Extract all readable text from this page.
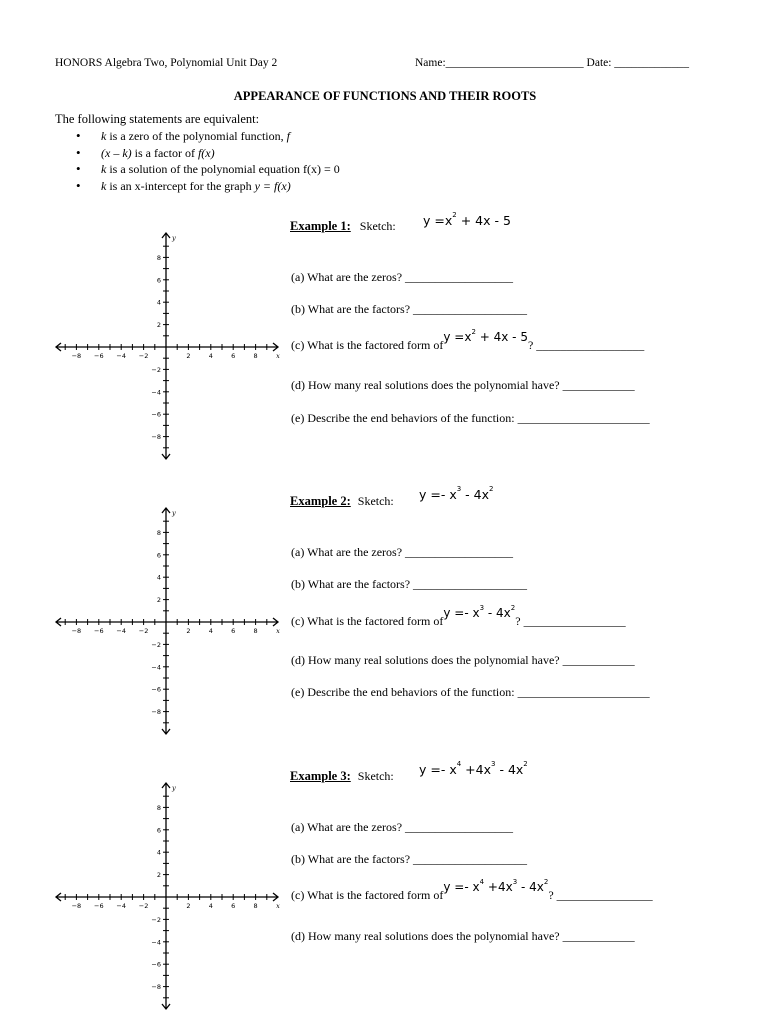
HONORS Algebra Two, Polynomial Unit Day 2	Name:________________________ Date: _____________
APPEARANCE OF FUNCTIONS AND THEIR ROOTS
The following statements are equivalent:
• k is a zero of the polynomial function, f
• (x – k) is a factor of f(x)
• k is a solution of the polynomial equation f(x) = 0
• k is an x-intercept for the graph y = f(x)
−8 −6 −4 −2	2	4	6	8
8
6
4
2
−2
−4
−6
−8
x
y
Example 1: Sketch: $y =x^2 + 4x - 5$
(a) What are the zeros? __________________
(b) What are the factors? ___________________
(c) What is the factored form ofy $=x^2 + 4x - 5$? __________________
(d) How many real solutions does the polynomial have? ____________
(e) Describe the end behaviors of the function: ______________________
−8 −6 −4 −2	2	4	6	8
8
6
4
2
−2
−4
−6
−8
x
y
Example 2: Sketch: $y =- x^3 - 4x^2$
(a) What are the zeros? __________________
(b) What are the factors? ___________________
(c) What is the factored form ofy =- $x^3 - 4x^2$? _________________
(d) How many real solutions does the polynomial have? ____________
(e) Describe the end behaviors of the function: ______________________
−8 −6 −4 −2	2	4	6	8
8
6
4
2
−2
−4
−6
−8
x
y
Example 3: Sketch: $y =- x^4 +4x^3 - 4x^2$
(a) What are the zeros? __________________
(b) What are the factors? ___________________
(c) What is the factored form ofy =- $x^4 +4x^3 - 4x^2$? ________________
(d) How many real solutions does the polynomial have? ____________
